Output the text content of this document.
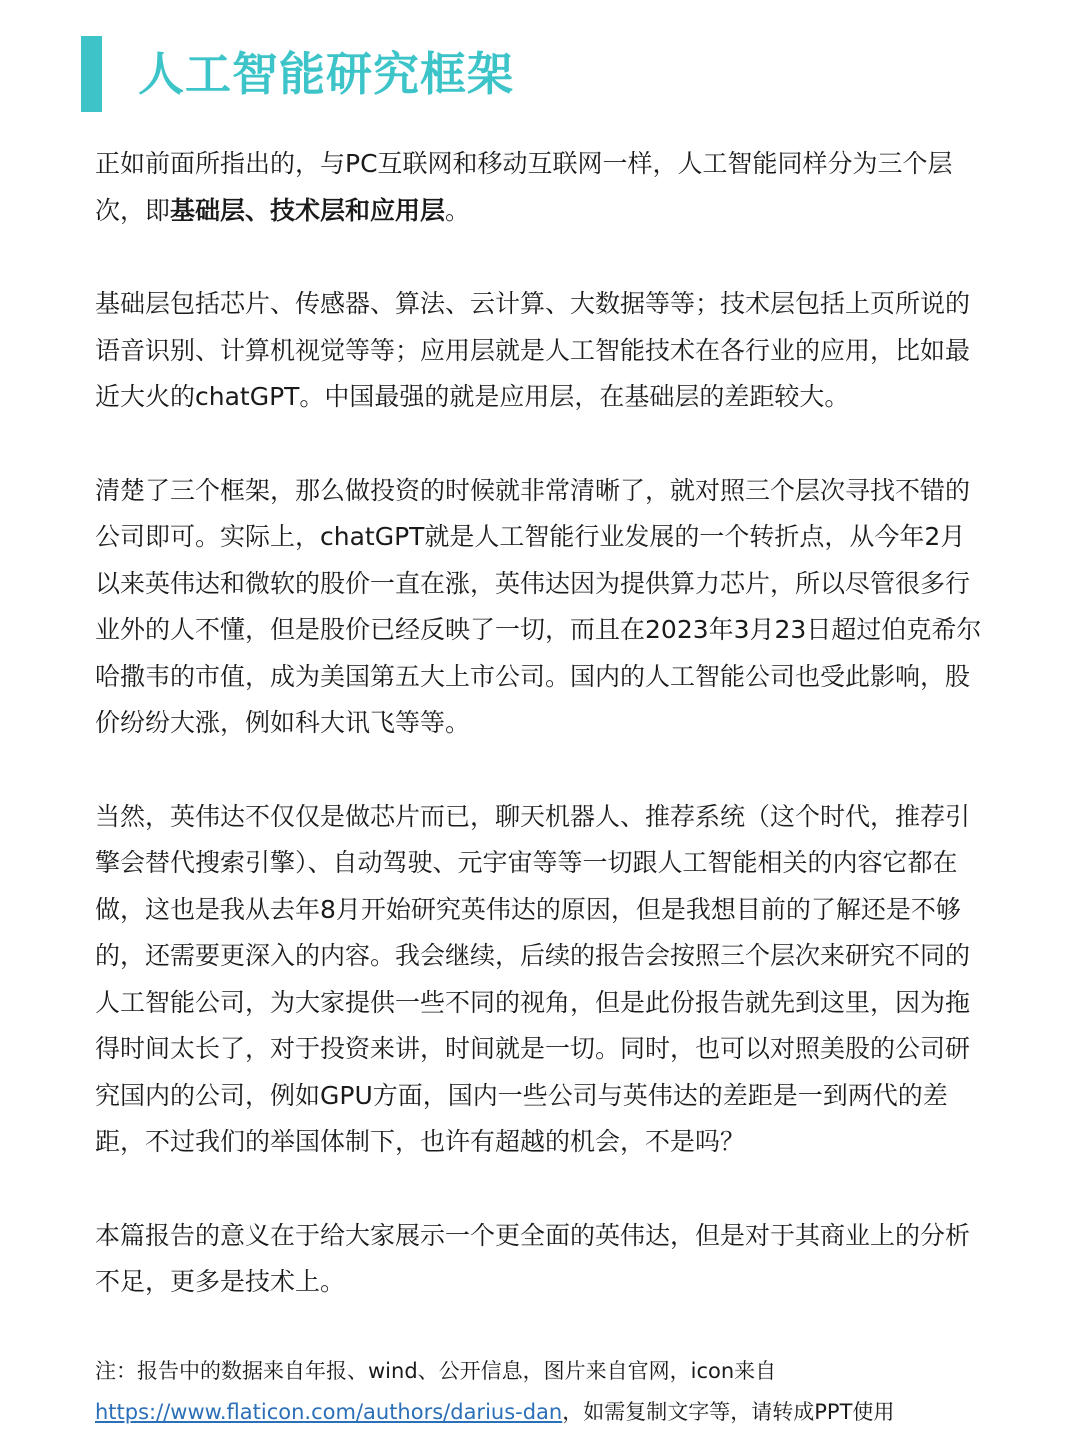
人工智能研究框架

正如前面所指出的，与PC互联网和移动互联网一样，人工智能同样分为三个层次，即基础层、技术层和应用层。

基础层包括芯片、传感器、算法、云计算、大数据等等；技术层包括上页所说的语音识别、计算机视觉等等；应用层就是人工智能技术在各行业的应用，比如最近大火的chatGPT。中国最强的就是应用层，在基础层的差距较大。

清楚了三个框架，那么做投资的时候就非常清晰了，就对照三个层次寻找不错的公司即可。实际上，chatGPT就是人工智能行业发展的一个转折点，从今年2月以来英伟达和微软的股价一直在涨，英伟达因为提供算力芯片，所以尽管很多行业外的人不懂，但是股价已经反映了一切，而且在2023年3月23日超过伯克希尔哈撒韦的市值，成为美国第五大上市公司。国内的人工智能公司也受此影响，股价纷纷大涨，例如科大讯飞等等。

当然，英伟达不仅仅是做芯片而已，聊天机器人、推荐系统（这个时代，推荐引擎会替代搜索引擎）、自动驾驶、元宇宙等等一切跟人工智能相关的内容它都在做，这也是我从去年8月开始研究英伟达的原因，但是我想目前的了解还是不够的，还需要更深入的内容。我会继续，后续的报告会按照三个层次来研究不同的人工智能公司，为大家提供一些不同的视角，但是此份报告就先到这里，因为拖得时间太长了，对于投资来讲，时间就是一切。同时，也可以对照美股的公司研究国内的公司，例如GPU方面，国内一些公司与英伟达的差距是一到两代的差距，不过我们的举国体制下，也许有超越的机会，不是吗？

本篇报告的意义在于给大家展示一个更全面的英伟达，但是对于其商业上的分析不足，更多是技术上。

注：报告中的数据来自年报、wind、公开信息，图片来自官网，icon来自
https://www.flaticon.com/authors/darius-dan，如需复制文字等，请转成PPT使用
